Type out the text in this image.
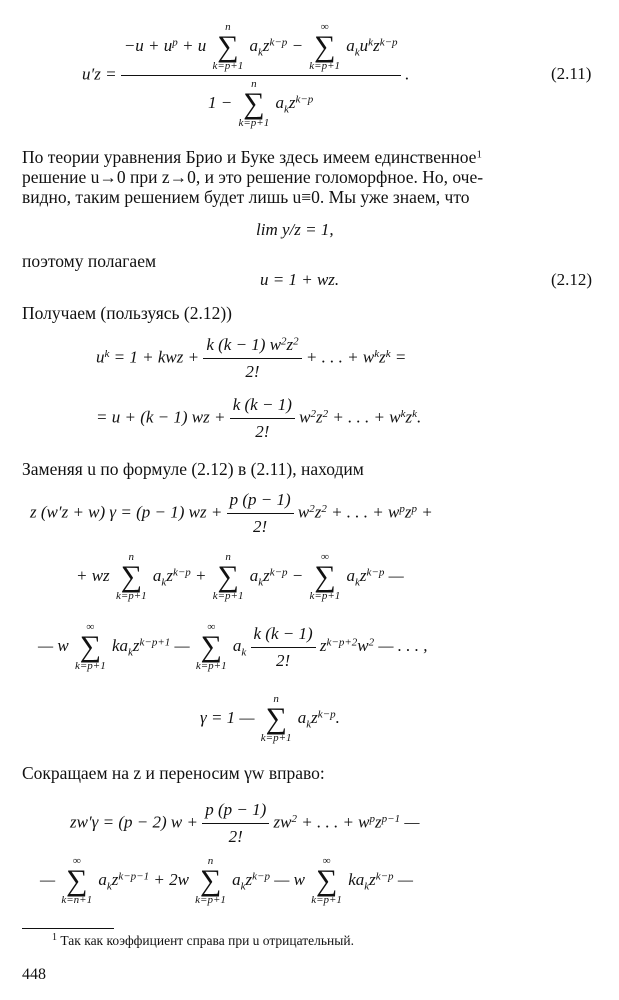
u′z =
$-u + u^p + u$
n
∑
k=p+1
$a_kz^{k-p}$ −
∞
∑
k=p+1
$a_ku^kz^{k-p}$
1 −
n
∑
k=p+1
$a_kz^{k-p}$
.	(2.11)
По теории уравнения Брио и Буке здесь имеем единственное$^1$
решение u→0 при z→0, и это решение голоморфное. Но, оче-
видно, таким решением будет лишь u≡0. Мы уже знаем, что
lim y/z = 1,
поэтому полагаем
u = 1 + wz.	(2.12)
Получаем (пользуясь (2.12))
$u^k = 1$ + kwz + $\frac{k (k - 1) w^2z^2}{2!}$ + . . . + $w^kz^k$ =
= u + (k − 1) wz + $\frac{k (k - 1)}{2!} w^2z^2$ + . . . + $w^kz^k$.
Заменяя u по формуле (2.12) в (2.11), находим
z (w′z + w) γ = (p − 1) wz + $\frac{p (p - 1)}{2!} w^2z^2$ + . . . + $w^pz^p$ +
+ wz
n
∑
k=p+1
$a_kz^{k-p}$ +
n
∑
k=p+1
$a_kz^{k-p}$ −
∞
∑
k=p+1
$a_kz^{k-p}$ —
— w
∞
∑
k=p+1
$ka_kz^{k-p+1}$ —
∞
∑
k=p+1
$a_k \frac{k (k - 1)}{2!} z^{k-p+2}w^2$ — . . . ,
γ = 1 —
n
∑
k=p+1
$a_kz^{k-p}$.
Сокращаем на z и переносим γw вправо:
zw′γ = (p − 2) $w + \frac{p (p - 1)}{2!} zw^2$ + . . . + $w^pz^{p-1}$ —
—
∞
∑
k=n+1
$a_kz^{k-p-1} + 2w$
n
∑
k=p+1
$a_kz^{k-p}$ — w
∞
∑
k=p+1
$ka_kz^{k-p}$ —
$^1$ Так как коэффициент справа при u отрицательный.
448
